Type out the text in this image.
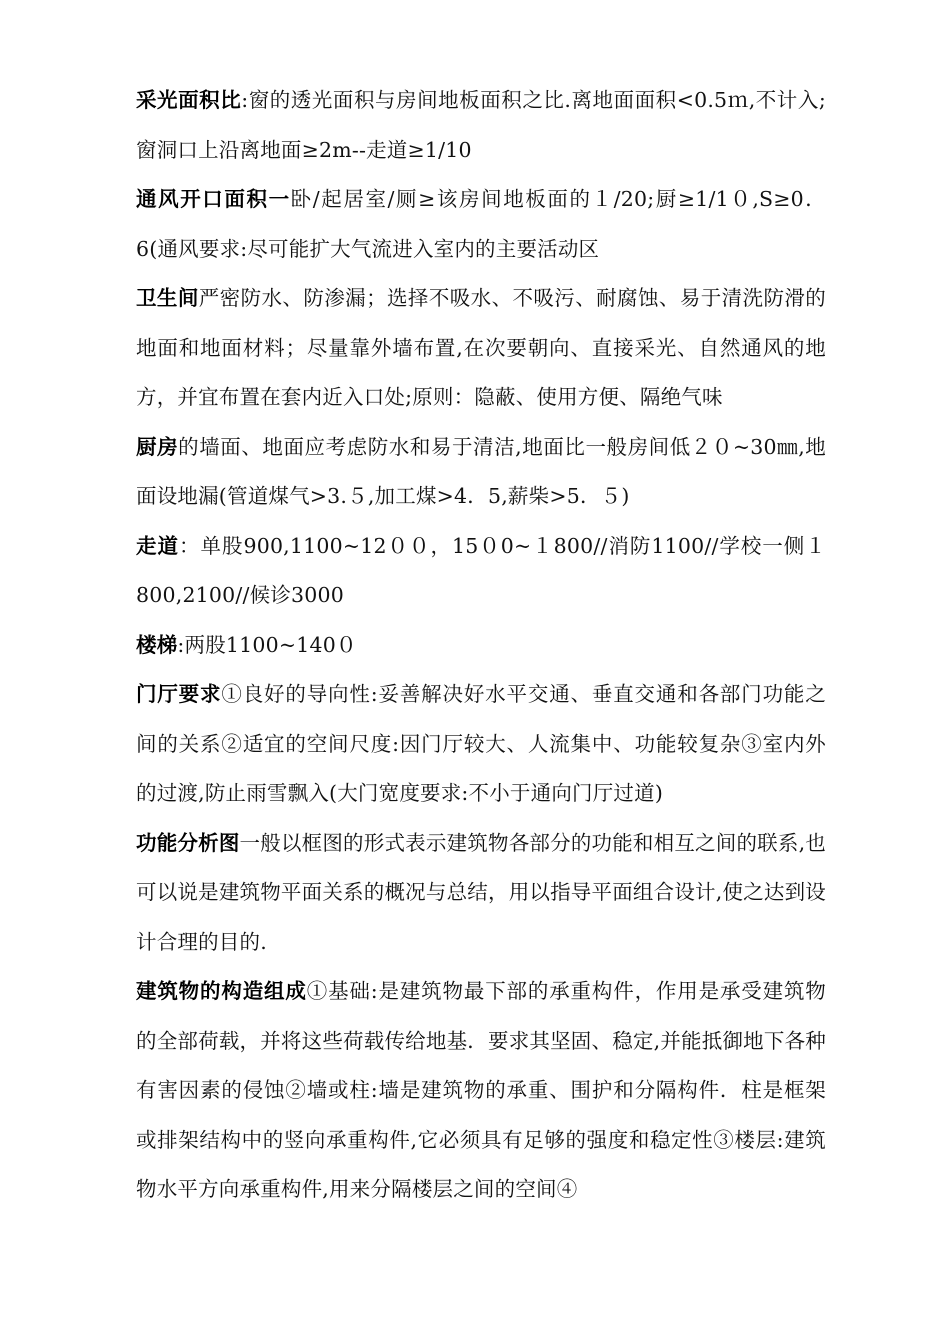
采光面积比:窗的透光面积与房间地板面积之比.离地面面积<0.5ｍ,不计入;窗洞口上沿离地面≥2m--走道≥1/10

通风开口面积一卧/起居室/厕≥该房间地板面的１/20;厨≥1/1０,S≥0．6(通风要求:尽可能扩大气流进入室内的主要活动区

卫生间严密防水、防渗漏；选择不吸水、不吸污、耐腐蚀、易于清洗防滑的地面和地面材料；尽量靠外墙布置,在次要朝向、直接采光、自然通风的地方，并宜布置在套内近入口处;原则：隐蔽、使用方便、隔绝气味

厨房的墙面、地面应考虑防水和易于清洁,地面比一般房间低２０~30㎜,地面设地漏(管道煤气>3.５,加工煤>4．5,薪柴>5．５)

走道：单股900,1100~12００，15０0~１800//消防1100//学校一侧１800,2100//候诊3000

楼梯:两股1100~140０

门厅要求①良好的导向性:妥善解决好水平交通、垂直交通和各部门功能之间的关系②适宜的空间尺度:因门厅较大、人流集中、功能较复杂③室内外的过渡,防止雨雪飘入(大门宽度要求:不小于通向门厅过道)

功能分析图一般以框图的形式表示建筑物各部分的功能和相互之间的联系,也可以说是建筑物平面关系的概况与总结，用以指导平面组合设计,使之达到设计合理的目的.

建筑物的构造组成①基础:是建筑物最下部的承重构件，作用是承受建筑物的全部荷载，并将这些荷载传给地基．要求其坚固、稳定,并能抵御地下各种有害因素的侵蚀②墙或柱:墙是建筑物的承重、围护和分隔构件．柱是框架或排架结构中的竖向承重构件,它必须具有足够的强度和稳定性③楼层:建筑物水平方向承重构件,用来分隔楼层之间的空间④
